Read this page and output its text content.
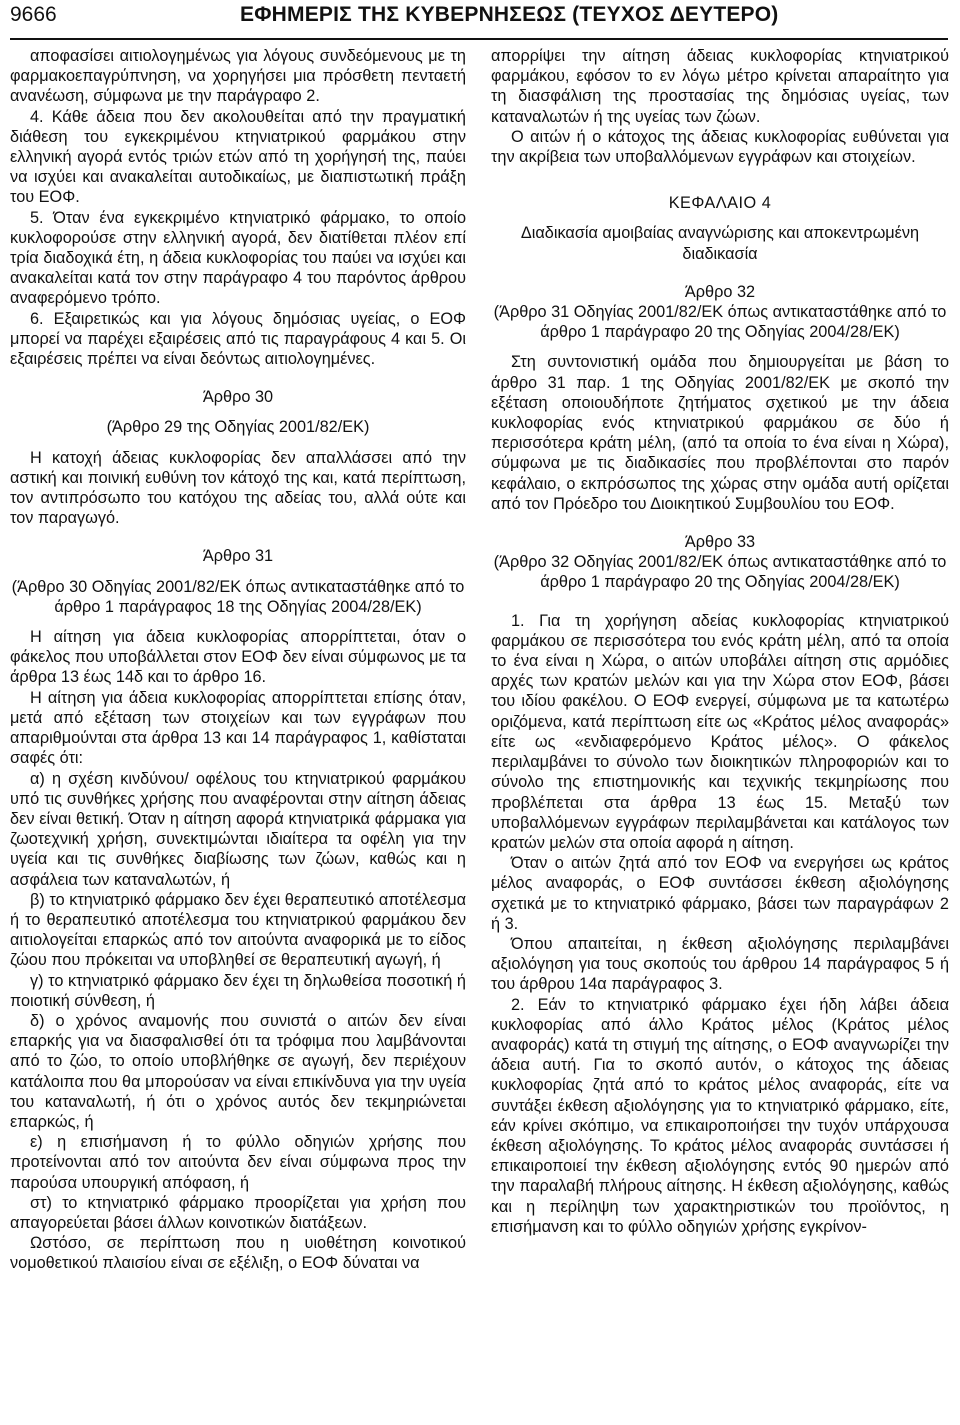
9666	ΕΦΗΜΕΡΙΣ ΤΗΣ ΚΥΒΕΡΝΗΣΕΩΣ (ΤΕΥΧΟΣ ΔΕΥΤΕΡΟ)

αποφασίσει αιτιολογημένως για λόγους συνδεόμενους με τη φαρμακοεπαγρύπνηση, να χορηγήσει μια πρόσθετη πενταετή ανανέωση, σύμφωνα με την παράγραφο 2.

4. Κάθε άδεια που δεν ακολουθείται από την πραγματική διάθεση του εγκεκριμένου κτηνιατρικού φαρμάκου στην ελληνική αγορά εντός τριών ετών από τη χορήγησή της, παύει να ισχύει και ανακαλείται αυτοδικαίως, με διαπιστωτική πράξη του ΕΟΦ.

5. Όταν ένα εγκεκριμένο κτηνιατρικό φάρμακο, το οποίο κυκλοφορούσε στην ελληνική αγορά, δεν διατίθεται πλέον επί τρία διαδοχικά έτη, η άδεια κυκλοφορίας του παύει να ισχύει και ανακαλείται κατά τον στην παράγραφο 4 του παρόντος άρθρου αναφερόμενο τρόπο.

6. Εξαιρετικώς και για λόγους δημόσιας υγείας, ο ΕΟΦ μπορεί να παρέχει εξαιρέσεις από τις παραγράφους 4 και 5. Οι εξαιρέσεις πρέπει να είναι δεόντως αιτιολογημένες.

Άρθρο 30

(Άρθρο 29 της Οδηγίας 2001/82/ΕΚ)

Η κατοχή άδειας κυκλοφορίας δεν απαλλάσσει από την αστική και ποινική ευθύνη τον κάτοχό της και, κατά περίπτωση, τον αντιπρόσωπο του κατόχου της αδείας του, αλλά ούτε και τον παραγωγό.

Άρθρο 31

(Άρθρο 30 Οδηγίας 2001/82/ΕΚ όπως αντικαταστάθηκε από το άρθρο 1 παράγραφος 18 της Οδηγίας 2004/28/ΕΚ)

Η αίτηση για άδεια κυκλοφορίας απορρίπτεται, όταν ο φάκελος που υποβάλλεται στον ΕΟΦ δεν είναι σύμφωνος με τα άρθρα 13 έως 14δ και το άρθρο 16.

Η αίτηση για άδεια κυκλοφορίας απορρίπτεται επίσης όταν, μετά από εξέταση των στοιχείων και των εγγράφων που απαριθμούνται στα άρθρα 13 και 14 παράγραφος 1, καθίσταται σαφές ότι:

α) η σχέση κινδύνου/ οφέλους του κτηνιατρικού φαρμάκου υπό τις συνθήκες χρήσης που αναφέρονται στην αίτηση άδειας δεν είναι θετική. Όταν η αίτηση αφορά κτηνιατρικά φάρμακα για ζωοτεχνική χρήση, συνεκτιμώνται ιδιαίτερα τα οφέλη για την υγεία και τις συνθήκες διαβίωσης των ζώων, καθώς και η ασφάλεια των καταναλωτών, ή

β) το κτηνιατρικό φάρμακο δεν έχει θεραπευτικό αποτέλεσμα ή το θεραπευτικό αποτέλεσμα του κτηνιατρικού φαρμάκου δεν αιτιολογείται επαρκώς από τον αιτούντα αναφορικά με το είδος ζώου που πρόκειται να υποβληθεί σε θεραπευτική αγωγή, ή

γ) το κτηνιατρικό φάρμακο δεν έχει τη δηλωθείσα ποσοτική ή ποιοτική σύνθεση, ή

δ) ο χρόνος αναμονής που συνιστά ο αιτών δεν είναι επαρκής για να διασφαλισθεί ότι τα τρόφιμα που λαμβάνονται από το ζώο, το οποίο υποβλήθηκε σε αγωγή, δεν περιέχουν κατάλοιπα που θα μπορούσαν να είναι επικίνδυνα για την υγεία του καταναλωτή, ή ότι ο χρόνος αυτός δεν τεκμηριώνεται επαρκώς, ή

ε) η επισήμανση ή το φύλλο οδηγιών χρήσης που προτείνονται από τον αιτούντα δεν είναι σύμφωνα προς την παρούσα υπουργική απόφαση, ή

στ) το κτηνιατρικό φάρμακο προορίζεται για χρήση που απαγορεύεται βάσει άλλων κοινοτικών διατάξεων.

Ωστόσο, σε περίπτωση που η υιοθέτηση κοινοτικού νομοθετικού πλαισίου είναι σε εξέλιξη, ο ΕΟΦ δύναται να

απορρίψει την αίτηση άδειας κυκλοφορίας κτηνιατρικού φαρμάκου, εφόσον το εν λόγω μέτρο κρίνεται απαραίτητο για τη διασφάλιση της προστασίας της δημόσιας υγείας, των καταναλωτών ή της υγείας των ζώων.

Ο αιτών ή ο κάτοχος της άδειας κυκλοφορίας ευθύνεται για την ακρίβεια των υποβαλλόμενων εγγράφων και στοιχείων.

ΚΕΦΑΛΑΙΟ 4

Διαδικασία αμοιβαίας αναγνώρισης και αποκεντρωμένη διαδικασία

Άρθρο 32

(Άρθρο 31 Οδηγίας 2001/82/ΕΚ όπως αντικαταστάθηκε από το άρθρο 1 παράγραφο 20 της Οδηγίας 2004/28/ΕΚ)

Στη συντονιστική ομάδα που δημιουργείται με βάση το άρθρο 31 παρ. 1 της Οδηγίας 2001/82/ΕΚ με σκοπό την εξέταση οποιουδήποτε ζητήματος σχετικού με την άδεια κυκλοφορίας ενός κτηνιατρικού φαρμάκου σε δύο ή περισσότερα κράτη μέλη, (από τα οποία το ένα είναι η Χώρα), σύμφωνα με τις διαδικασίες που προβλέπονται στο παρόν κεφάλαιο, ο εκπρόσωπος της χώρας στην ομάδα αυτή ορίζεται από τον Πρόεδρο του Διοικητικού Συμβουλίου του ΕΟΦ.

Άρθρο 33

(Άρθρο 32 Οδηγίας 2001/82/ΕΚ όπως αντικαταστάθηκε από το άρθρο 1 παράγραφο 20 της Οδηγίας 2004/28/ΕΚ)

1. Για τη χορήγηση αδείας κυκλοφορίας κτηνιατρικού φαρμάκου σε περισσότερα του ενός κράτη μέλη, από τα οποία το ένα είναι η Χώρα, ο αιτών υποβάλει αίτηση στις αρμόδιες αρχές των κρατών μελών και για την Χώρα στον ΕΟΦ, βάσει του ιδίου φακέλου. Ο ΕΟΦ ενεργεί, σύμφωνα με τα κατωτέρω οριζόμενα, κατά περίπτωση είτε ως «Κράτος μέλος αναφοράς» είτε ως «ενδιαφερόμενο Κράτος μέλος». Ο φάκελος περιλαμβάνει το σύνολο των διοικητικών πληροφοριών και το σύνολο της επιστημονικής και τεχνικής τεκμηρίωσης που προβλέπεται στα άρθρα 13 έως 15. Μεταξύ των υποβαλλόμενων εγγράφων περιλαμβάνεται και κατάλογος των κρατών μελών στα οποία αφορά η αίτηση.

Όταν ο αιτών ζητά από τον ΕΟΦ να ενεργήσει ως κράτος μέλος αναφοράς, ο ΕΟΦ συντάσσει έκθεση αξιολόγησης σχετικά με το κτηνιατρικό φάρμακο, βάσει των παραγράφων 2 ή 3.

Όπου απαιτείται, η έκθεση αξιολόγησης περιλαμβάνει αξιολόγηση για τους σκοπούς του άρθρου 14 παράγραφος 5 ή του άρθρου 14α παράγραφος 3.

2. Εάν το κτηνιατρικό φάρμακο έχει ήδη λάβει άδεια κυκλοφορίας από άλλο Κράτος μέλος (Κράτος μέλος αναφοράς) κατά τη στιγμή της αίτησης, ο ΕΟΦ αναγνωρίζει την άδεια αυτή. Για το σκοπό αυτόν, ο κάτοχος της άδειας κυκλοφορίας ζητά από το κράτος μέλος αναφοράς, είτε να συντάξει έκθεση αξιολόγησης για το κτηνιατρικό φάρμακο, είτε, εάν κρίνει σκόπιμο, να επικαιροποιήσει την τυχόν υπάρχουσα έκθεση αξιολόγησης. Το κράτος μέλος αναφοράς συντάσσει ή επικαιροποιεί την έκθεση αξιολόγησης εντός 90 ημερών από την παραλαβή πλήρους αίτησης. Η έκθεση αξιολόγησης, καθώς και η περίληψη των χαρακτηριστικών του προϊόντος, η επισήμανση και το φύλλο οδηγιών χρήσης εγκρίνον-
